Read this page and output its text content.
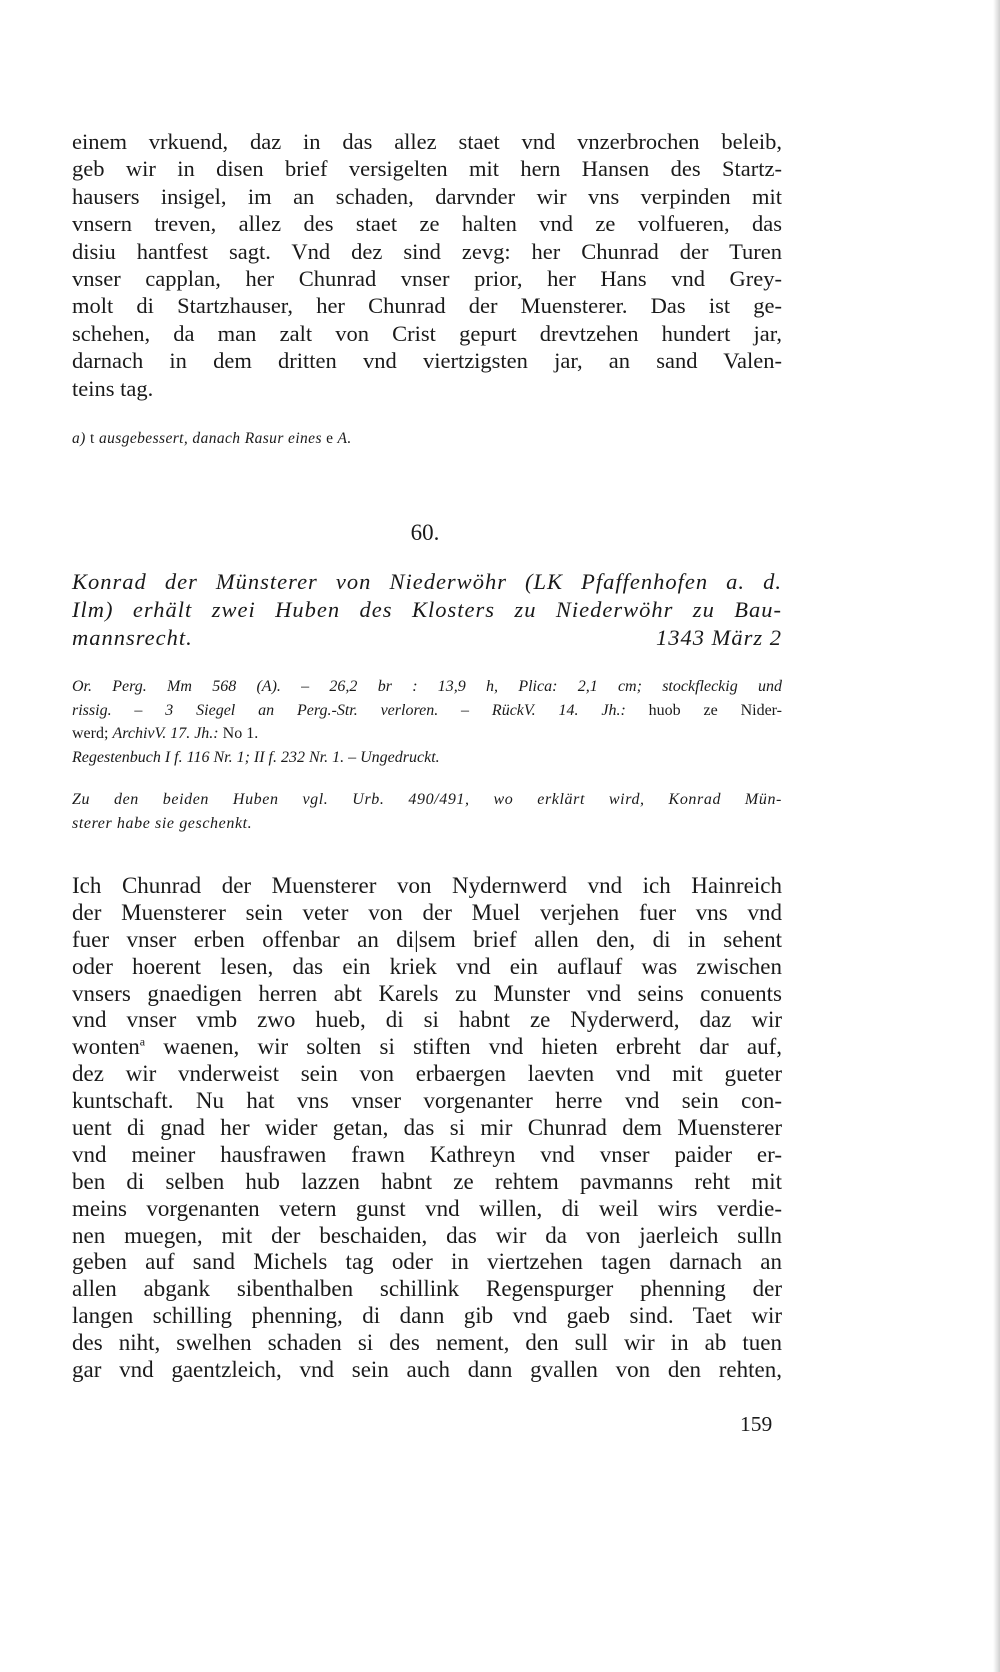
einem vrkuend, daz in das allez staet vnd vnzerbrochen beleib,
geb wir in disen brief versigelten mit hern Hansen des Startz-
hausers insigel, im an schaden, darvnder wir vns verpinden mit
vnsern treven, allez des staet ze halten vnd ze volfueren, das
disiu hantfest sagt. Vnd dez sind zevg: her Chunrad der Turen
vnser capplan, her Chunrad vnser prior, her Hans vnd Grey-
molt di Startzhauser, her Chunrad der Muensterer. Das ist ge-
schehen, da man zalt von Crist gepurt drevtzehen hundert jar,
darnach in dem dritten vnd viertzigsten jar, an sand Valen-
teins tag.
a) t ausgebessert, danach Rasur eines e A.
60.
Konrad der Münsterer von Niederwöhr (LK Pfaffenhofen a. d.
Ilm) erhält zwei Huben des Klosters zu Niederwöhr zu Bau-
mannsrecht.	1343 März 2
Or. Perg. Mm 568 (A). – 26,2 br : 13,9 h, Plica: 2,1 cm; stockfleckig und
rissig. – 3 Siegel an Perg.-Str. verloren. – RückV. 14. Jh.: huob ze Nider-
werd; ArchivV. 17. Jh.: No 1.
Regestenbuch I f. 116 Nr. 1; II f. 232 Nr. 1. – Ungedruckt.
Zu den beiden Huben vgl. Urb. 490/491, wo erklärt wird, Konrad Mün-
sterer habe sie geschenkt.
Ich Chunrad der Muensterer von Nydernwerd vnd ich Hainreich
der Muensterer sein veter von der Muel verjehen fuer vns vnd
fuer vnser erben offenbar an di|sem brief allen den, di in sehent
oder hoerent lesen, das ein kriek vnd ein auflauf was zwischen
vnsers gnaedigen herren abt Karels zu Munster vnd seins conuents
vnd vnser vmb zwo hueb, di si habnt ze Nyderwerd, daz wir
wonten$^a$ waenen, wir solten si stiften vnd hieten erbreht dar auf,
dez wir vnderweist sein von erbaergen laevten vnd mit gueter
kuntschaft. Nu hat vns vnser vorgenanter herre vnd sein con-
uent di gnad her wider getan, das si mir Chunrad dem Muensterer
vnd meiner hausfrawen frawn Kathreyn vnd vnser paider er-
ben di selben hub lazzen habnt ze rehtem pavmanns reht mit
meins vorgenanten vetern gunst vnd willen, di weil wirs verdie-
nen muegen, mit der beschaiden, das wir da von jaerleich sulln
geben auf sand Michels tag oder in viertzehen tagen darnach an
allen abgank sibenthalben schillink Regenspurger phenning der
langen schilling phenning, di dann gib vnd gaeb sind. Taet wir
des niht, swelhen schaden si des nement, den sull wir in ab tuen
gar vnd gaentzleich, vnd sein auch dann gvallen von den rehten,
159
